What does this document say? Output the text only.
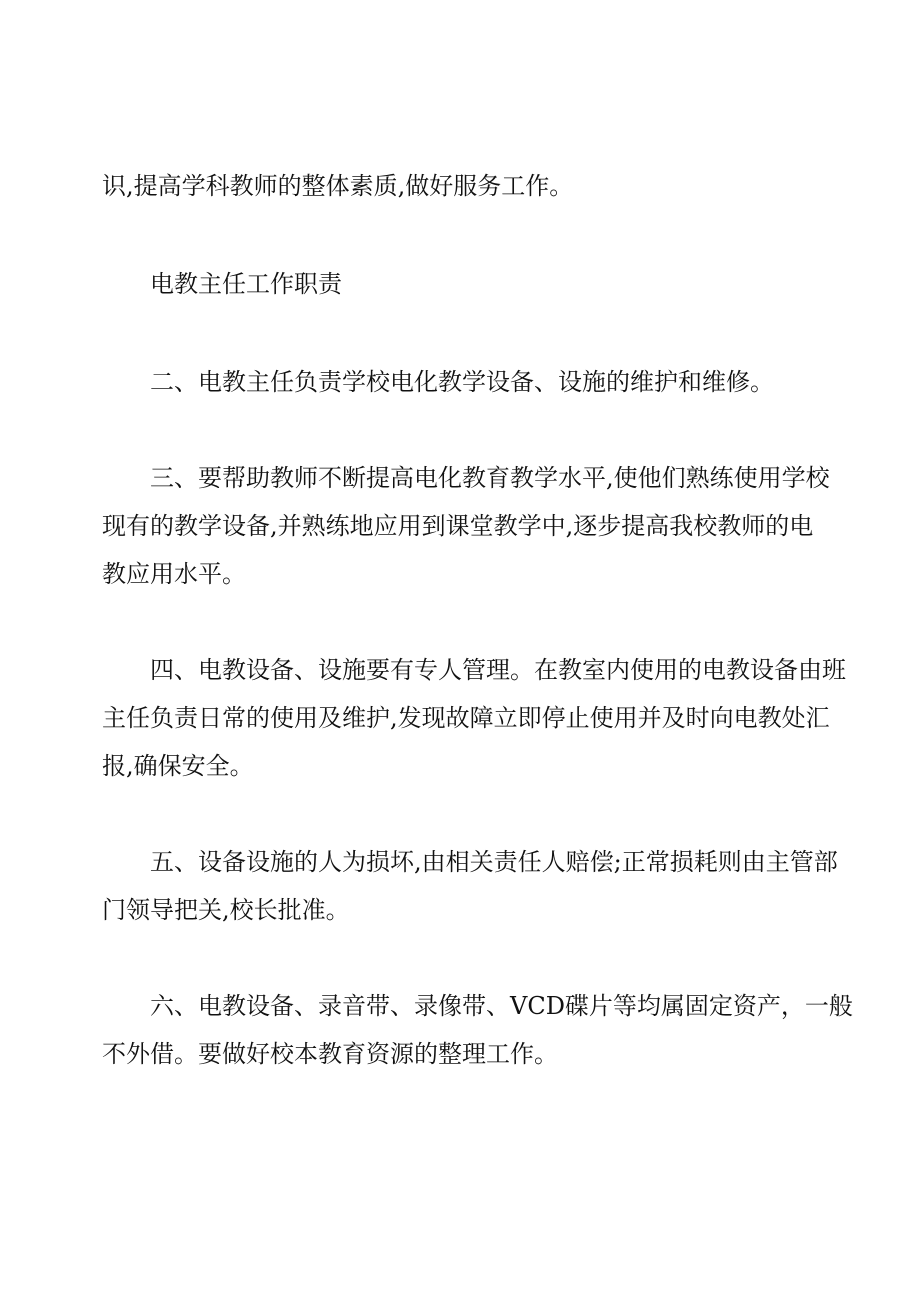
识,提高学科教师的整体素质,做好服务工作。
电教主任工作职责
二、电教主任负责学校电化教学设备、设施的维护和维修。
三、要帮助教师不断提高电化教育教学水平,使他们熟练使用学校
现有的教学设备,并熟练地应用到课堂教学中,逐步提高我校教师的电
教应用水平。
四、电教设备、设施要有专人管理。在教室内使用的电教设备由班
主任负责日常的使用及维护,发现故障立即停止使用并及时向电教处汇
报,确保安全。
五、设备设施的人为损坏,由相关责任人赔偿;正常损耗则由主管部
门领导把关,校长批准。
六、电教设备、录音带、录像带、VCD碟片等均属固定资产，一般
不外借。要做好校本教育资源的整理工作。
